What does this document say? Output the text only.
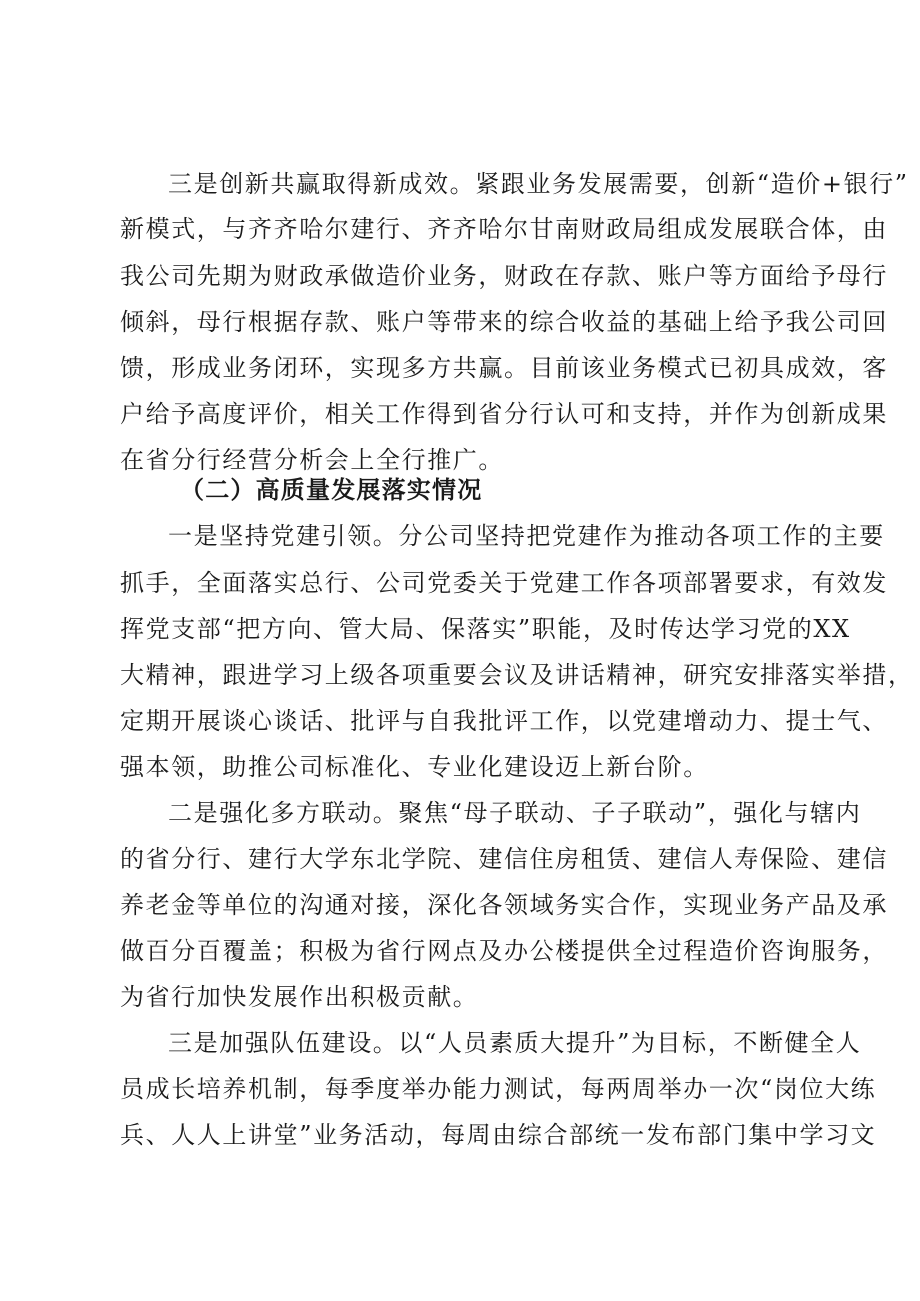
三是创新共赢取得新成效。紧跟业务发展需要，创新“造价+银行”
新模式，与齐齐哈尔建行、齐齐哈尔甘南财政局组成发展联合体，由
我公司先期为财政承做造价业务，财政在存款、账户等方面给予母行
倾斜，母行根据存款、账户等带来的综合收益的基础上给予我公司回
馈，形成业务闭环，实现多方共赢。目前该业务模式已初具成效，客
户给予高度评价，相关工作得到省分行认可和支持，并作为创新成果
在省分行经营分析会上全行推广。
（二）高质量发展落实情况
一是坚持党建引领。分公司坚持把党建作为推动各项工作的主要
抓手，全面落实总行、公司党委关于党建工作各项部署要求，有效发
挥党支部“把方向、管大局、保落实”职能，及时传达学习党的XX
大精神，跟进学习上级各项重要会议及讲话精神，研究安排落实举措，
定期开展谈心谈话、批评与自我批评工作，以党建增动力、提士气、
强本领，助推公司标准化、专业化建设迈上新台阶。
二是强化多方联动。聚焦“母子联动、子子联动”，强化与辖内
的省分行、建行大学东北学院、建信住房租赁、建信人寿保险、建信
养老金等单位的沟通对接，深化各领域务实合作，实现业务产品及承
做百分百覆盖；积极为省行网点及办公楼提供全过程造价咨询服务，
为省行加快发展作出积极贡献。
三是加强队伍建设。以“人员素质大提升”为目标，不断健全人
员成长培养机制，每季度举办能力测试，每两周举办一次“岗位大练
兵、人人上讲堂”业务活动，每周由综合部统一发布部门集中学习文
